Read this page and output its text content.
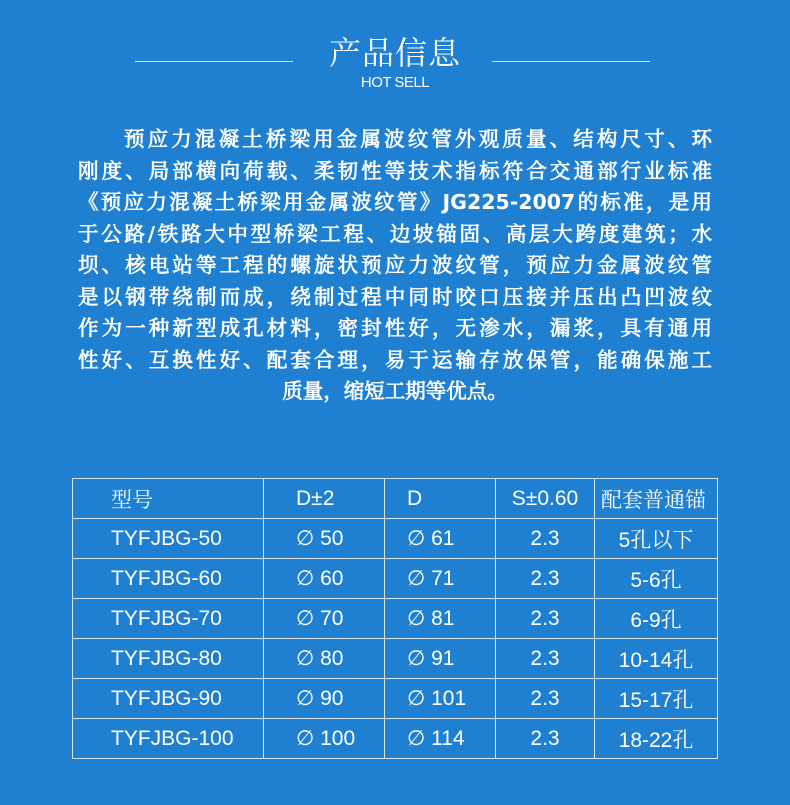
产品信息
HOT SELL
预应力混凝土桥梁用金属波纹管外观质量、结构尺寸、环
刚度、局部横向荷载、柔韧性等技术指标符合交通部行业标准
《预应力混凝土桥梁用金属波纹管》JG225-2007的标准，是用
于公路/铁路大中型桥梁工程、边坡锚固、高层大跨度建筑；水
坝、核电站等工程的螺旋状预应力波纹管，预应力金属波纹管
是以钢带绕制而成，绕制过程中同时咬口压接并压出凸凹波纹
作为一种新型成孔材料，密封性好，无渗水，漏浆，具有通用
性好、互换性好、配套合理，易于运输存放保管，能确保施工
质量，缩短工期等优点。
型号	D±2	D	S±0.60	配套普通锚
TYFJBG-50	∅ 50	∅ 61	2.3	5孔以下
TYFJBG-60	∅ 60	∅ 71	2.3	5-6孔
TYFJBG-70	∅ 70	∅ 81	2.3	6-9孔
TYFJBG-80	∅ 80	∅ 91	2.3	10-14孔
TYFJBG-90	∅ 90	∅ 101	2.3	15-17孔
TYFJBG-100	∅ 100	∅ 114	2.3	18-22孔
